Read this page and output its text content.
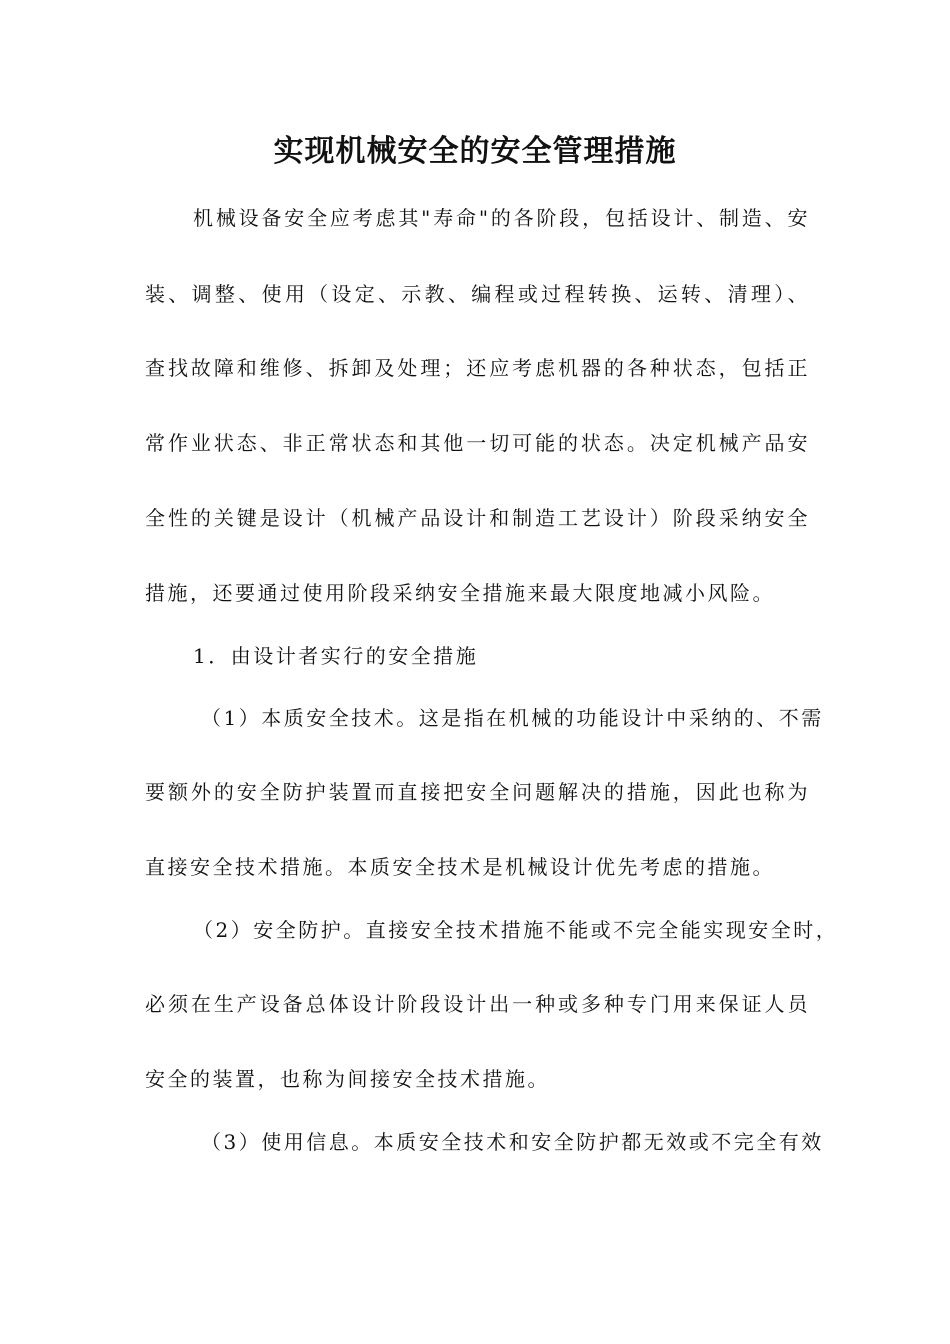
实现机械安全的安全管理措施
机械设备安全应考虑其"寿命"的各阶段，包括设计、制造、安
装、调整、使用（设定、示教、编程或过程转换、运转、清理）、
查找故障和维修、拆卸及处理；还应考虑机器的各种状态，包括正
常作业状态、非正常状态和其他一切可能的状态。决定机械产品安
全性的关键是设计（机械产品设计和制造工艺设计）阶段采纳安全
措施，还要通过使用阶段采纳安全措施来最大限度地减小风险。
1．由设计者实行的安全措施
（1）本质安全技术。这是指在机械的功能设计中采纳的、不需
要额外的安全防护装置而直接把安全问题解决的措施，因此也称为
直接安全技术措施。本质安全技术是机械设计优先考虑的措施。
（2）安全防护。直接安全技术措施不能或不完全能实现安全时，
必须在生产设备总体设计阶段设计出一种或多种专门用来保证人员
安全的装置，也称为间接安全技术措施。
（3）使用信息。本质安全技术和安全防护都无效或不完全有效
